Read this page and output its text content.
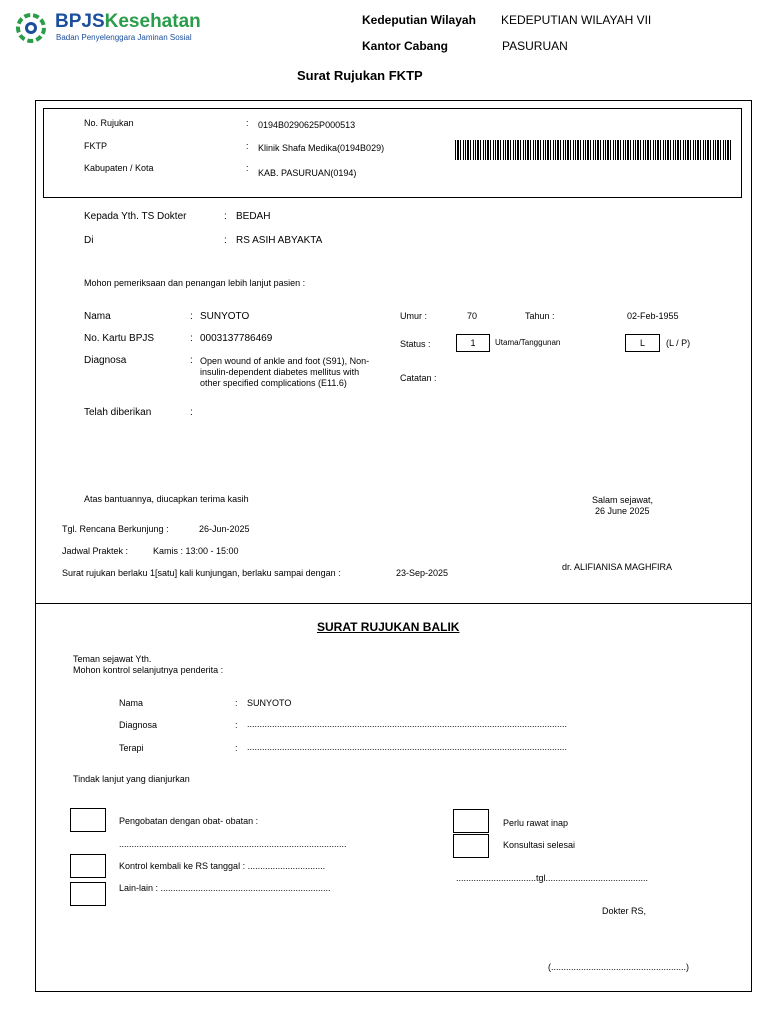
BPJSKesehatan
Badan Penyelenggara Jaminan Sosial
Kedeputian Wilayah KEDEPUTIAN WILAYAH VII
Kantor Cabang	PASURUAN
Surat Rujukan FKTP
No. Rujukan	: 0194B0290625P000513
FKTP	: Klinik Shafa Medika(0194B029)
Kabupaten / Kota	: KAB. PASURUAN(0194)
Kepada Yth. TS Dokter	: BEDAH
Di	: RS ASIH ABYAKTA
Mohon pemeriksaan dan penangan lebih lanjut pasien :
Nama	: SUNYOTO
No. Kartu BPJS	: 0003137786469
Diagnosa	: Open wound of ankle and foot (S91), Non-insulin-dependent diabetes mellitus with other specified complications (E11.6)
Telah diberikan	:
Umur :	70	Tahun :	02-Feb-1955
Status :	1	Utama/Tanggunan	L	(L / P)
Catatan :
Atas bantuannya, diucapkan terima kasih	Salam sejawat,
26 June 2025
Tgl. Rencana Berkunjung :	26-Jun-2025
Jadwal Praktek :	Kamis : 13:00 - 15:00
Surat rujukan berlaku 1[satu] kali kunjungan, berlaku sampai dengan :	23-Sep-2025
dr. ALIFIANISA MAGHFIRA
SURAT RUJUKAN BALIK
Teman sejawat Yth.
Mohon kontrol selanjutnya penderita :
Nama	: SUNYOTO
Diagnosa	: ................................................................................................................................
Terapi	: ................................................................................................................................
Tindak lanjut yang dianjurkan
Pengobatan dengan obat- obatan :
...........................................................................................
Kontrol kembali ke RS tanggal : ...............................
Lain-lain : ....................................................................
Perlu rawat inap
Konsultasi selesai
................................tgl.........................................
Dokter RS,
(......................................................)
